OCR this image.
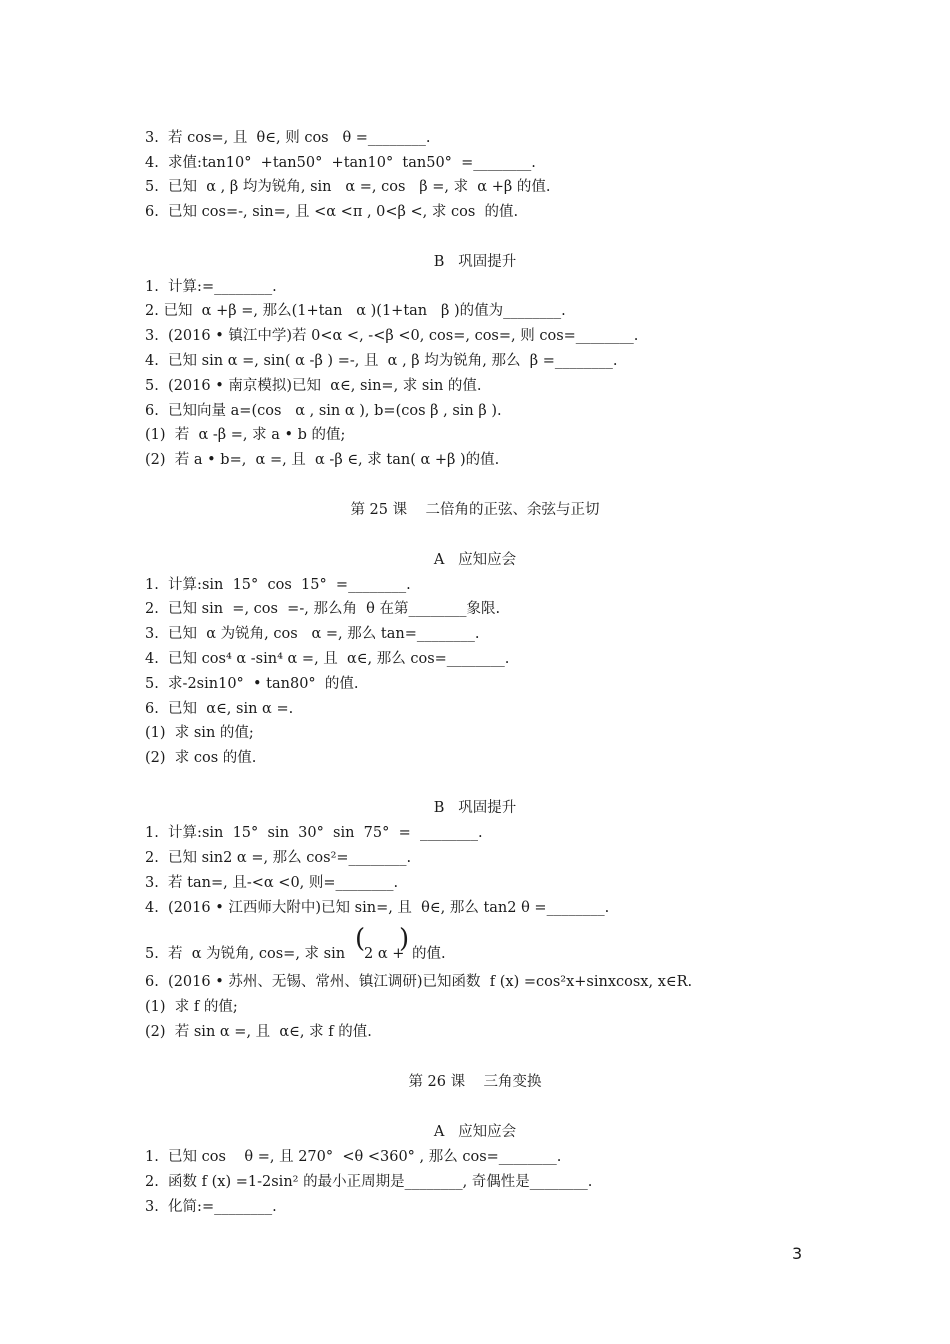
3.  若 cos=, 且  θ∈, 则 cos   θ =________.
4.  求值:tan10°  +tan50°  +tan10°  tan50°  =________.
5.  已知  α , β 均为锐角, sin   α =, cos   β =, 求  α +β 的值.
6.  已知 cos=-, sin=, 且 <α <π , 0<β <, 求 cos  的值.
B   巩固提升
1.  计算:=________.
2. 已知  α +β =, 那么(1+tan   α )(1+tan   β )的值为________.
3.  (2016 • 镇江中学)若 0<α <, -<β <0, cos=, cos=, 则 cos=________.
4.  已知 sin α =, sin( α -β ) =-, 且  α , β 均为锐角, 那么  β =________.
5.  (2016 • 南京模拟)已知  α∈, sin=, 求 sin 的值.
6.  已知向量 a=(cos   α , sin α ), b=(cos β , sin β ).
(1)  若  α -β =, 求 a • b 的值;
(2)  若 a • b=,  α =, 且  α -β ∈, 求 tan( α +β )的值.
第 25 课    二倍角的正弦、余弦与正切
A   应知应会
1.  计算:sin  15°  cos  15°  =________.
2.  已知 sin  =, cos  =-, 那么角  θ 在第________象限.
3.  已知  α 为锐角, cos   α =, 那么 tan=________.
4.  已知 cos⁴ α -sin⁴ α =, 且  α∈, 那么 cos=________.
5.  求-2sin10°  • tan80°  的值.
6.  已知  α∈, sin α =.
(1)  求 sin 的值;
(2)  求 cos 的值.
B   巩固提升
1.  计算:sin  15°  sin  30°  sin  75°  =  ________.
2.  已知 sin2 α =, 那么 cos²=________.
3.  若 tan=, 且-<α <0, 则=________.
4.  (2016 • 江西师大附中)已知 sin=, 且  θ∈, 那么 tan2 θ =________.
5.  若  α 为锐角, cos=, 求 sin (
2 α +
) 的值.
6.  (2016 • 苏州、无锡、常州、镇江调研)已知函数  f (x) =cos²x+sinxcosx, x∈R.
(1)  求 f 的值;
(2)  若 sin α =, 且  α∈, 求 f 的值.
第 26 课    三角变换
A   应知应会
1.  已知 cos    θ =, 且 270°  <θ <360° , 那么 cos=________.
2.  函数 f (x) =1-2sin² 的最小正周期是________, 奇偶性是________.
3.  化简:=________.
3
